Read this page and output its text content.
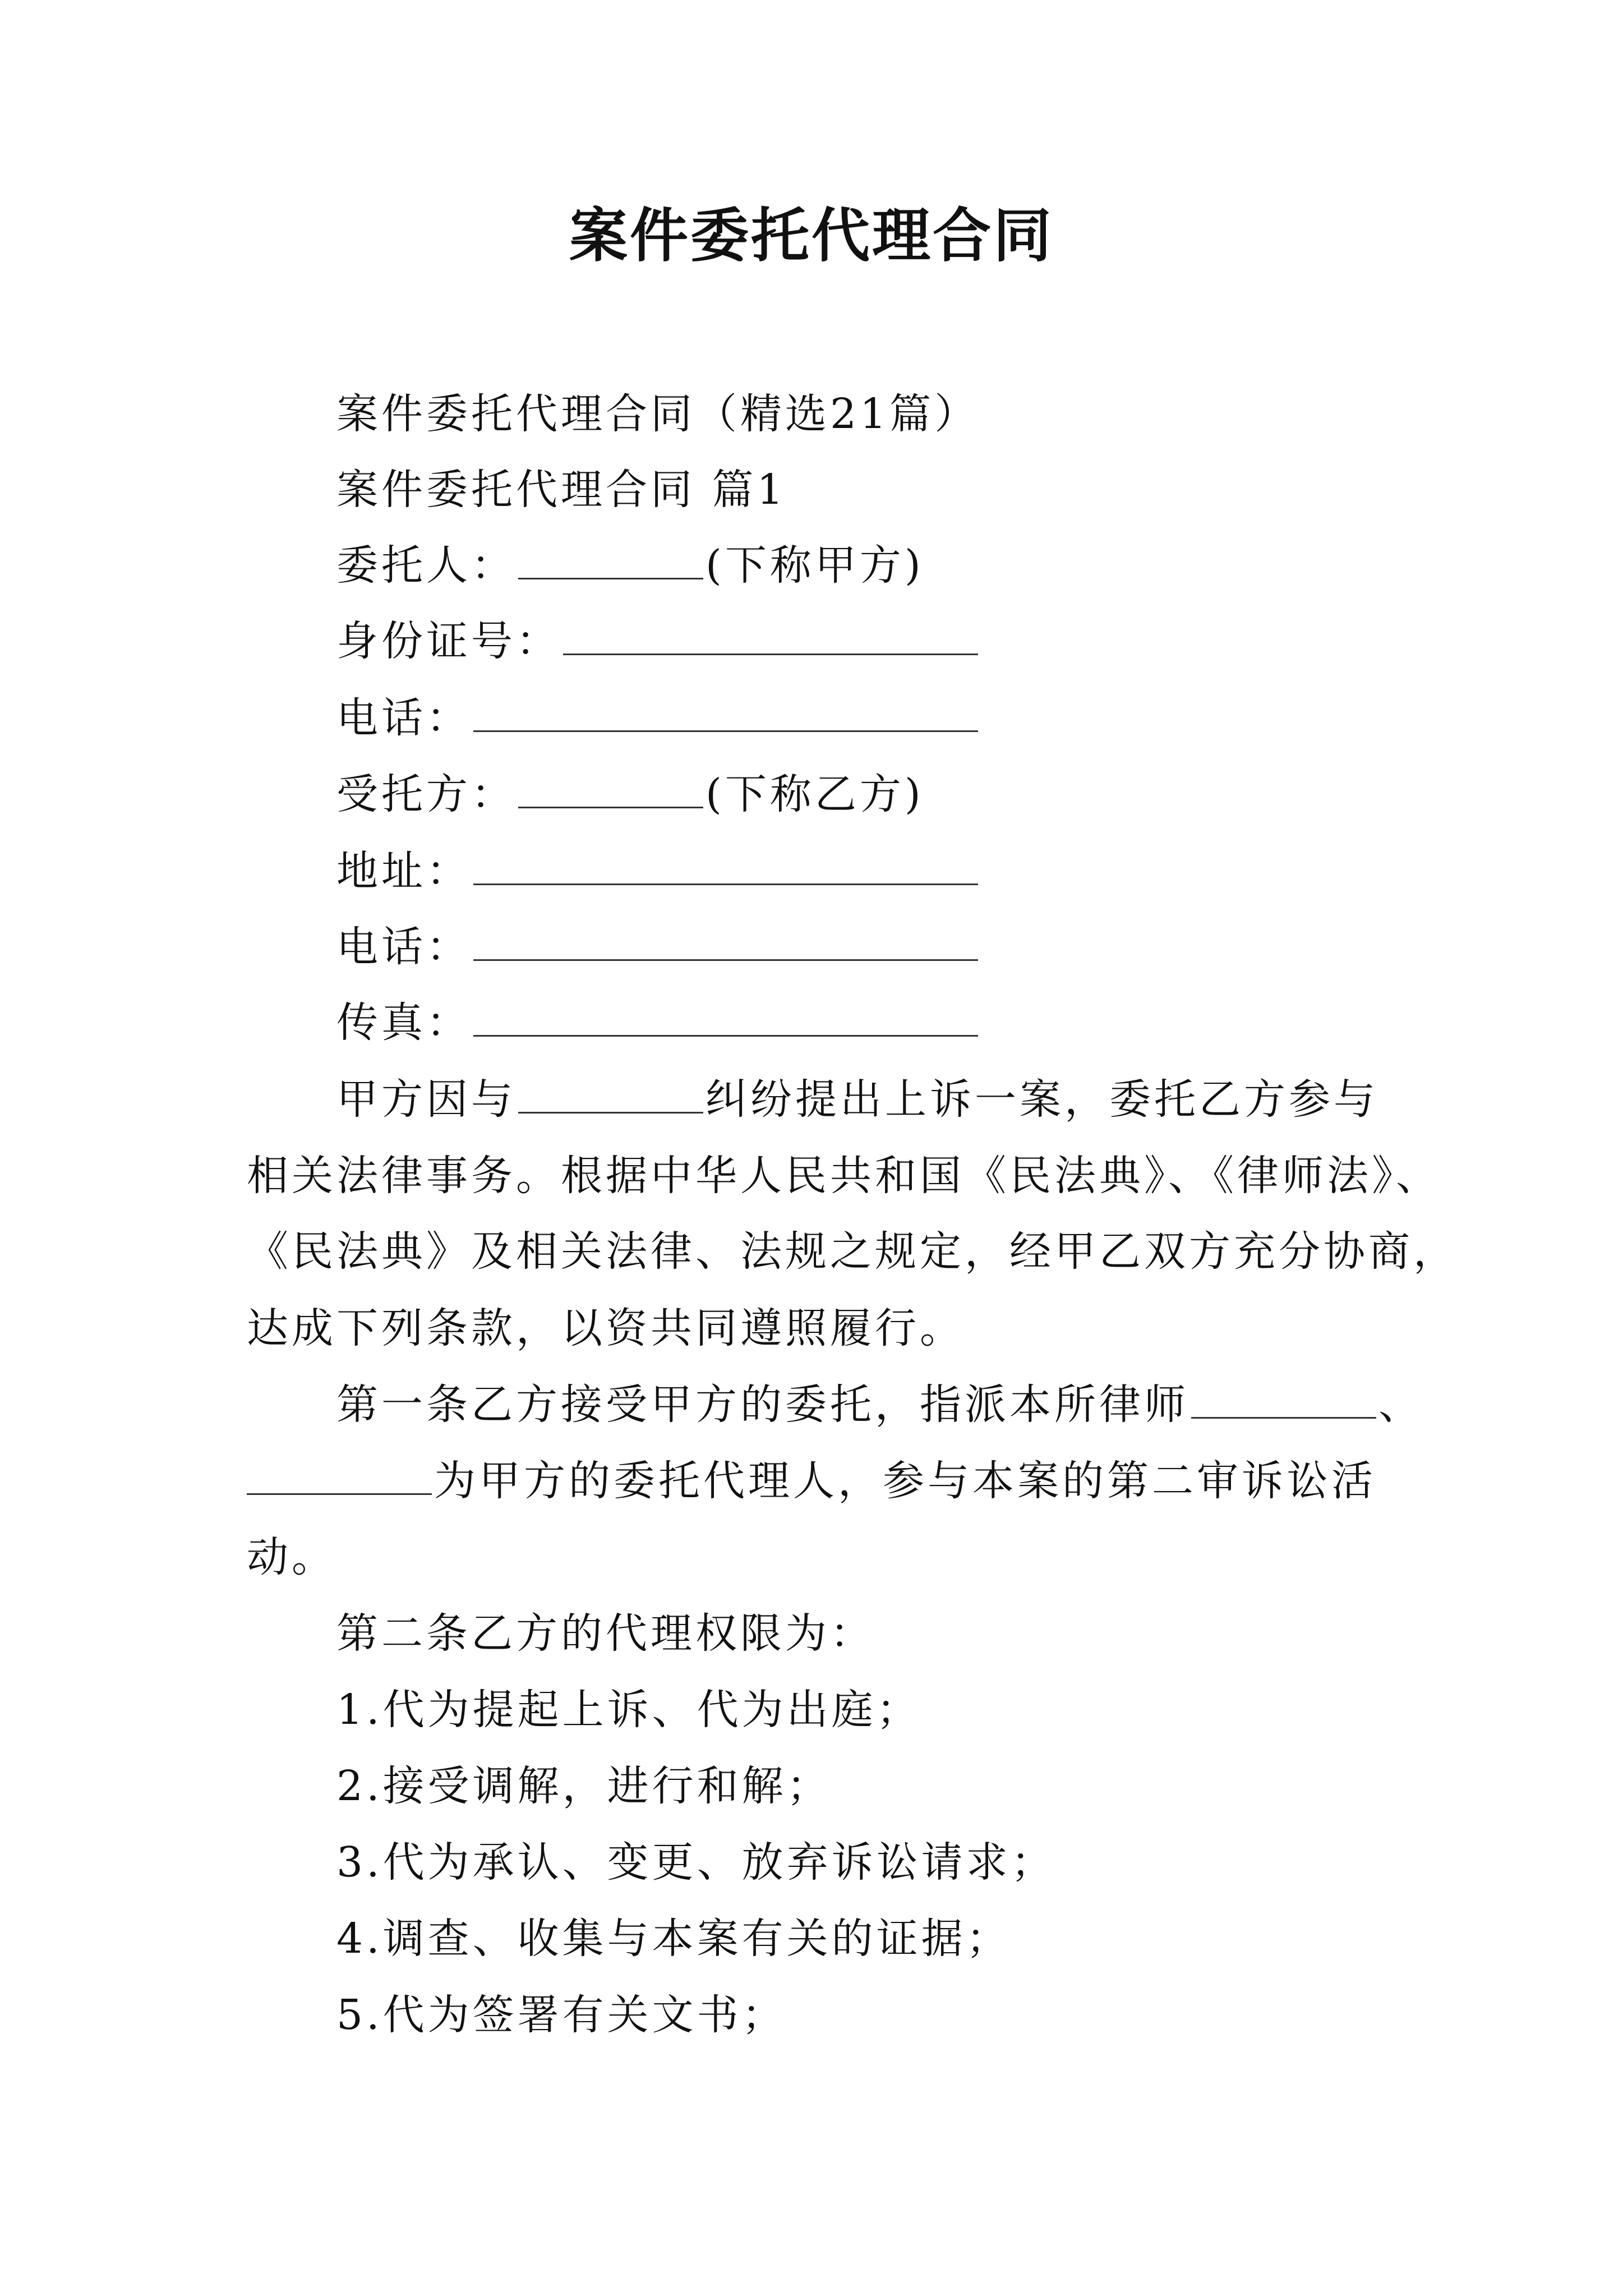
案件委托代理合同
案件委托代理合同（精选21篇）
案件委托代理合同 篇1
委托人：	(下称甲方)
身份证号：
电话：
受托方：	(下称乙方)
地址：
电话：
传真：
甲方因与	纠纷提出上诉一案，委托乙方参与
相关法律事务。根据中华人民共和国《民法典》、《律师法》、
《民法典》及相关法律、法规之规定，经甲乙双方充分协商，
达成下列条款，以资共同遵照履行。
第一条乙方接受甲方的委托，指派本所律师	、
为甲方的委托代理人，参与本案的第二审诉讼活
动。
第二条乙方的代理权限为：
1.代为提起上诉、代为出庭；
2.接受调解，进行和解；
3.代为承认、变更、放弃诉讼请求；
4.调查、收集与本案有关的证据；
5.代为签署有关文书；
